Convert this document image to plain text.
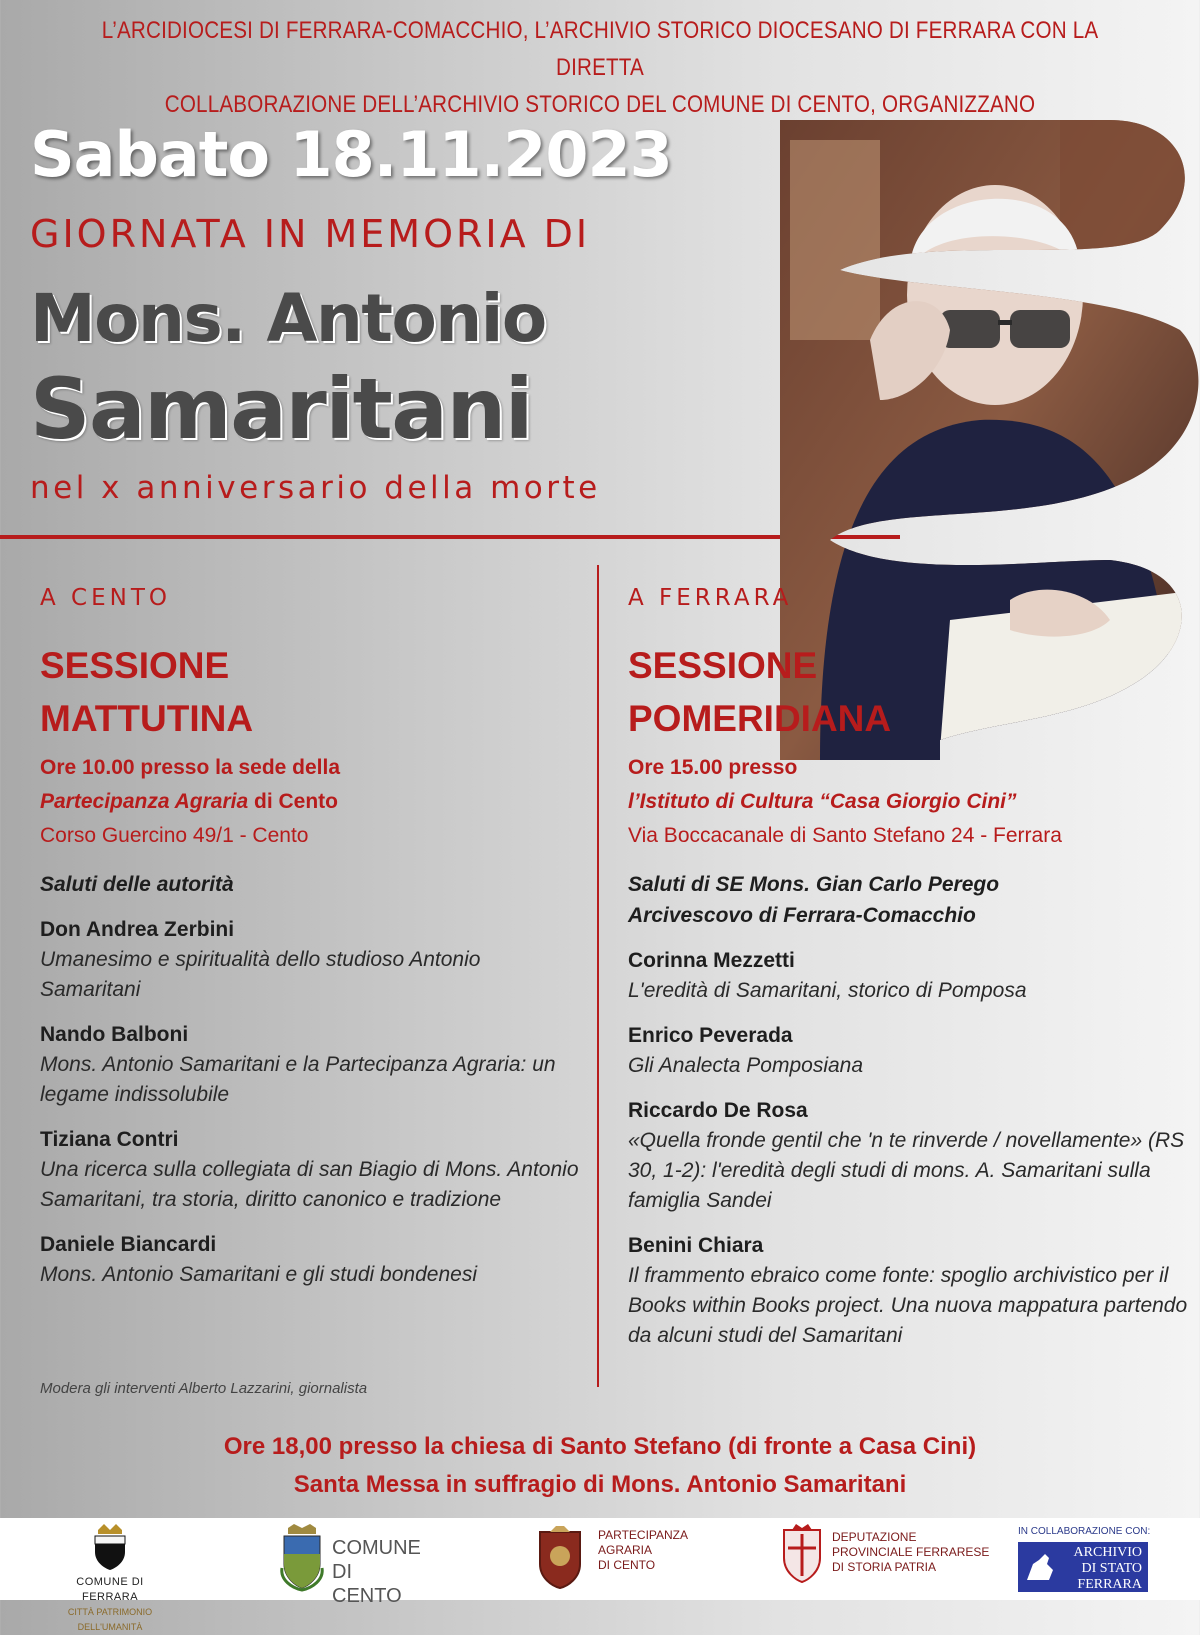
L’ARCIDIOCESI DI FERRARA-COMACCHIO, L’ARCHIVIO STORICO DIOCESANO DI FERRARA CON LA DIRETTA
COLLABORAZIONE DELL’ARCHIVIO STORICO DEL COMUNE DI CENTO, ORGANIZZANO
Sabato 18.11.2023
GIORNATA IN MEMORIA DI
Mons. Antonio
Samaritani
nel x anniversario della morte
A CENTO
SESSIONE
MATTUTINA
Ore 10.00 presso la sede della
Partecipanza Agraria di Cento
Corso Guercino 49/1 - Cento
Saluti delle autorità
Don Andrea Zerbini
Umanesimo e spiritualità dello studioso Antonio Samaritani
Nando Balboni
Mons. Antonio Samaritani e la Partecipanza Agraria: un legame indissolubile
Tiziana Contri
Una ricerca sulla collegiata di san Biagio di Mons. Antonio Samaritani, tra storia, diritto canonico e tradizione
Daniele Biancardi
Mons. Antonio Samaritani e gli studi bondenesi
Modera gli interventi Alberto Lazzarini, giornalista
A FERRARA
SESSIONE
POMERIDIANA
Ore 15.00 presso
l’Istituto di Cultura “Casa Giorgio Cini”
Via Boccacanale di Santo Stefano 24 - Ferrara
Saluti di SE Mons. Gian Carlo Perego
Arcivescovo di Ferrara-Comacchio
Corinna Mezzetti
L'eredità di Samaritani, storico di Pomposa
Enrico Peverada
Gli Analecta Pomposiana
Riccardo De Rosa
«Quella fronde gentil che 'n te rinverde / novellamente» (RS 30, 1-2): l'eredità degli studi di mons. A. Samaritani sulla famiglia Sandei
Benini Chiara
Il frammento ebraico come fonte: spoglio archivistico per il Books within Books project. Una nuova mappatura partendo da alcuni studi del Samaritani
Ore 18,00 presso la chiesa di Santo Stefano (di fronte a Casa Cini)
Santa Messa in suffragio di Mons. Antonio Samaritani
COMUNE DI FERRARA
CITTÀ PATRIMONIO DELL'UMANITÀ
COMUNE
DI CENTO
PARTECIPANZA
AGRARIA
DI CENTO
DEPUTAZIONE
PROVINCIALE FERRARESE
DI STORIA PATRIA
IN COLLABORAZIONE CON:
ARCHIVIO
DI STATO
FERRARA
